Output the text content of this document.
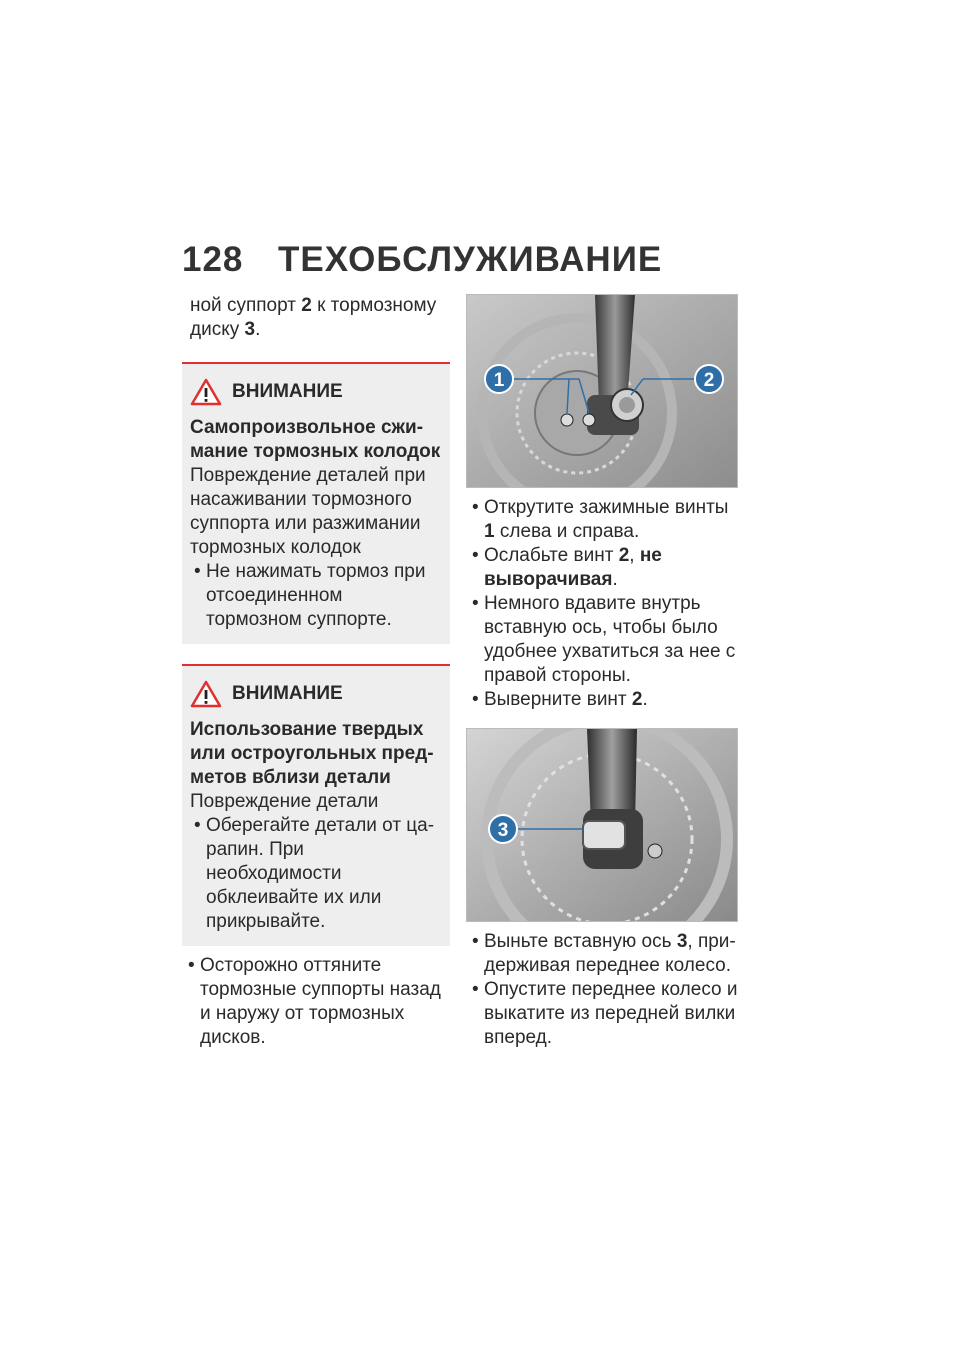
128 ТЕХОБСЛУЖИВАНИЕ

ной суппорт 2 к тормозному диску 3.

ВНИМАНИЕ

Самопроизвольное сжимание тормозных колодок

Повреждение деталей при насаживании тормозного суппорта или разжимании тормозных колодок

• Не нажимать тормоз при отсоединенном тормозном суппорте.

ВНИМАНИЕ

Использование твердых или остроугольных предметов вблизи детали

Повреждение детали

• Оберегайте детали от царапин. При необходимости обклеивайте их или прикрывайте.

• Осторожно оттяните тормозные суппорты назад и наружу от тормозных дисков.

1	2

• Открутите зажимные винты 1 слева и справа.

• Ослабьте винт 2, не выворачивая.

• Немного вдавите внутрь вставную ось, чтобы было удобнее ухватиться за нее с правой стороны.

• Выверните винт 2.

3

• Выньте вставную ось 3, придерживая переднее колесо.

• Опустите переднее колесо и выкатите из передней вилки вперед.
